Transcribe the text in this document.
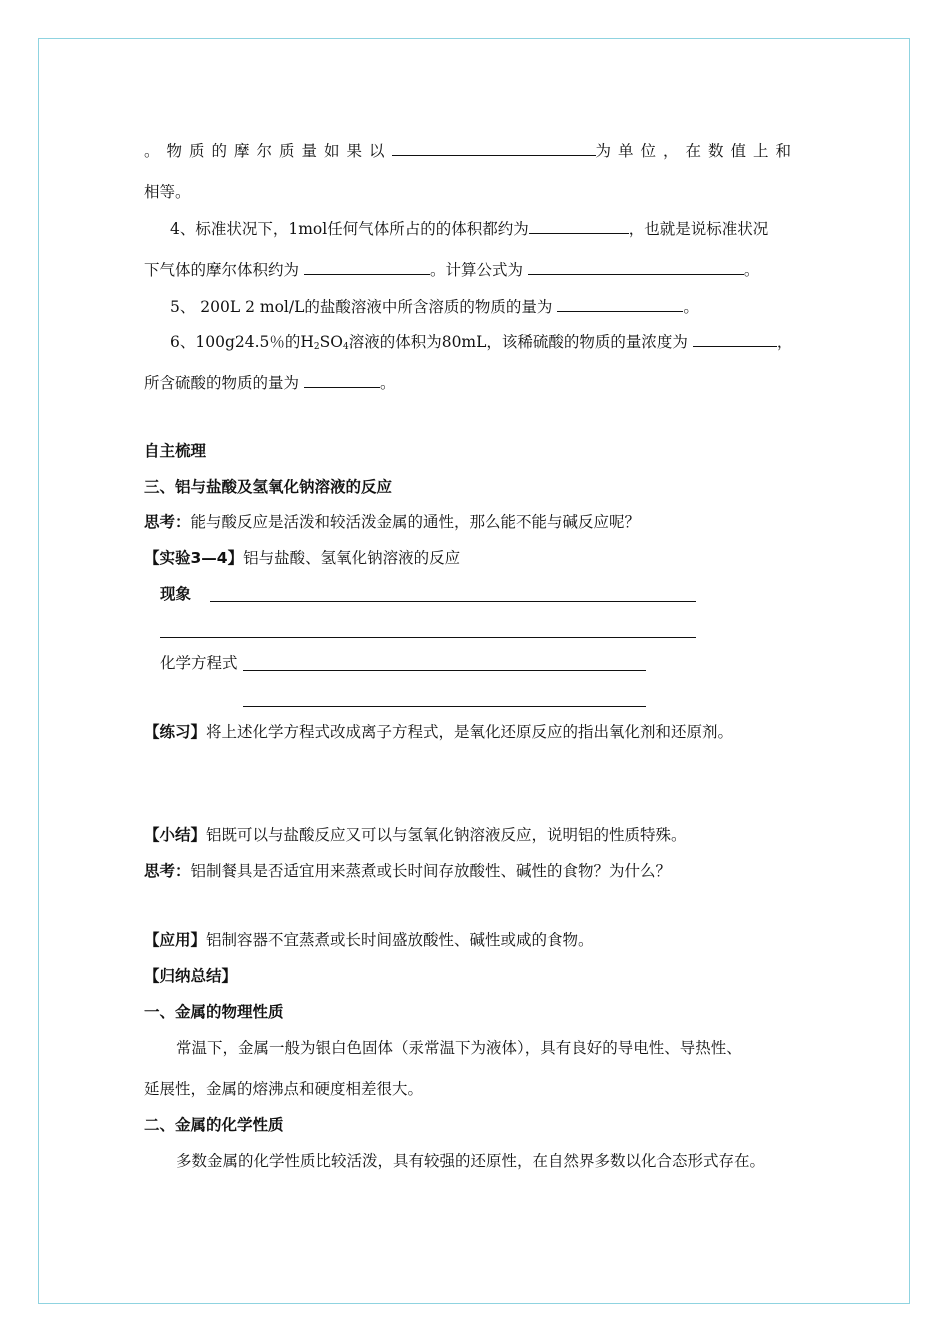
。物质的摩尔质量如果以	为单位，在数值上和
相等。
4、标准状况下，1mol任何气体所占的的体积都约为	，也就是说标准状况
下气体的摩尔体积约为	。计算公式为	。
5、 200L 2 mol/L的盐酸溶液中所含溶质的物质的量为	。
6、100g24.5％的$H_2SO_4$溶液的体积为80mL，该稀硫酸的物质的量浓度为	，
所含硫酸的物质的量为	。
自主梳理
三、铝与盐酸及氢氧化钠溶液的反应
思考：能与酸反应是活泼和较活泼金属的通性，那么能不能与碱反应呢？
【实验3—4】铝与盐酸、氢氧化钠溶液的反应
现象
化学方程式
【练习】将上述化学方程式改成离子方程式，是氧化还原反应的指出氧化剂和还原剂。
【小结】铝既可以与盐酸反应又可以与氢氧化钠溶液反应，说明铝的性质特殊。
思考：铝制餐具是否适宜用来蒸煮或长时间存放酸性、碱性的食物？为什么？
【应用】铝制容器不宜蒸煮或长时间盛放酸性、碱性或咸的食物。
【归纳总结】
一、金属的物理性质
常温下，金属一般为银白色固体（汞常温下为液体），具有良好的导电性、导热性、
延展性，金属的熔沸点和硬度相差很大。
二、金属的化学性质
多数金属的化学性质比较活泼，具有较强的还原性，在自然界多数以化合态形式存在。
